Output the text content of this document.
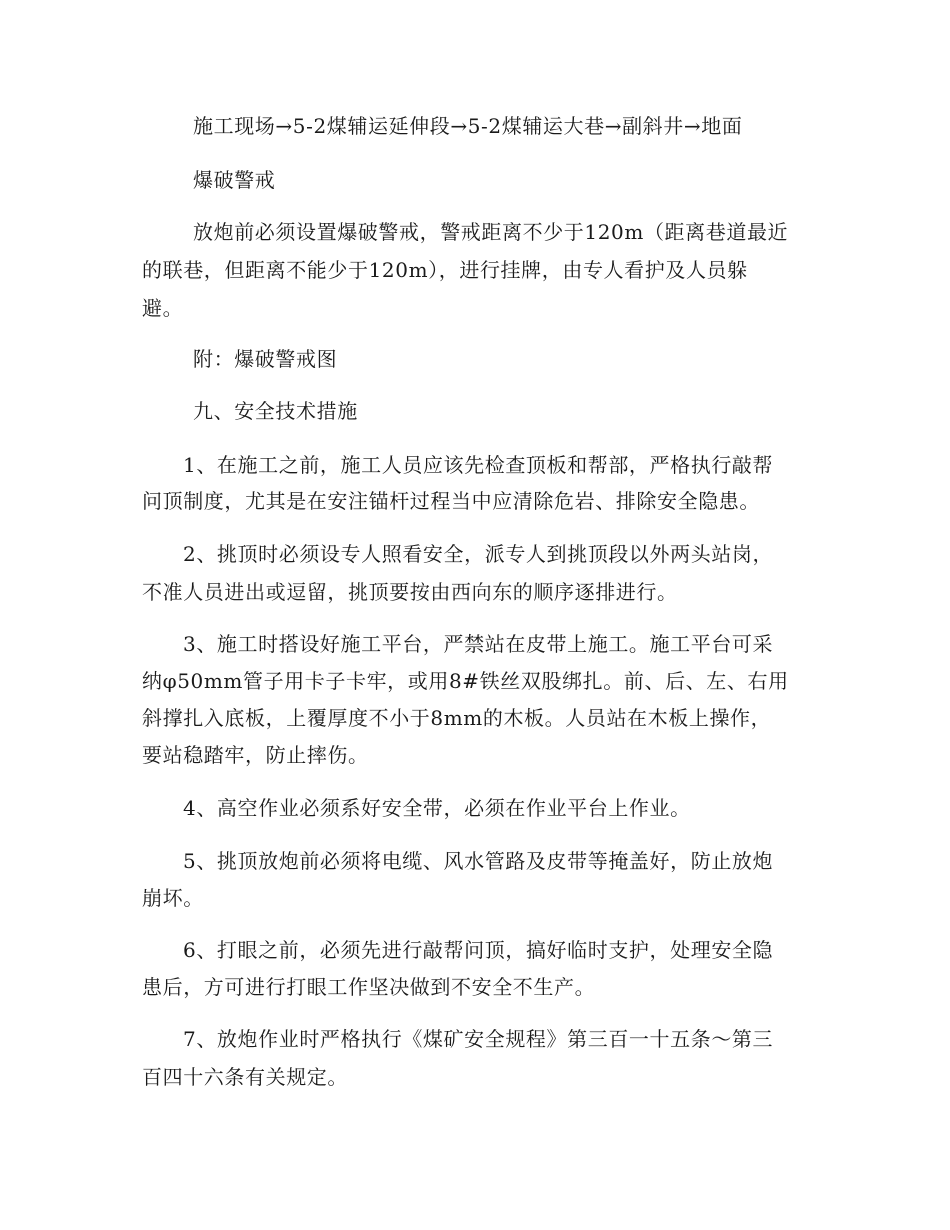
施工现场→5-2煤辅运延伸段→5-2煤辅运大巷→副斜井→地面
爆破警戒
放炮前必须设置爆破警戒，警戒距离不少于120m（距离巷道最近
的联巷，但距离不能少于120m），进行挂牌，由专人看护及人员躲
避。
附：爆破警戒图
九、安全技术措施
1、在施工之前，施工人员应该先检查顶板和帮部，严格执行敲帮
问顶制度，尤其是在安注锚杆过程当中应清除危岩、排除安全隐患。
2、挑顶时必须设专人照看安全，派专人到挑顶段以外两头站岗，
不准人员进出或逗留，挑顶要按由西向东的顺序逐排进行。
3、施工时搭设好施工平台，严禁站在皮带上施工。施工平台可采
纳φ50mm管子用卡子卡牢，或用8#铁丝双股绑扎。前、后、左、右用
斜撑扎入底板，上覆厚度不小于8mm的木板。人员站在木板上操作，
要站稳踏牢，防止摔伤。
4、高空作业必须系好安全带，必须在作业平台上作业。
5、挑顶放炮前必须将电缆、风水管路及皮带等掩盖好，防止放炮
崩坏。
6、打眼之前，必须先进行敲帮问顶，搞好临时支护，处理安全隐
患后，方可进行打眼工作坚决做到不安全不生产。
7、放炮作业时严格执行《煤矿安全规程》第三百一十五条～第三
百四十六条有关规定。
